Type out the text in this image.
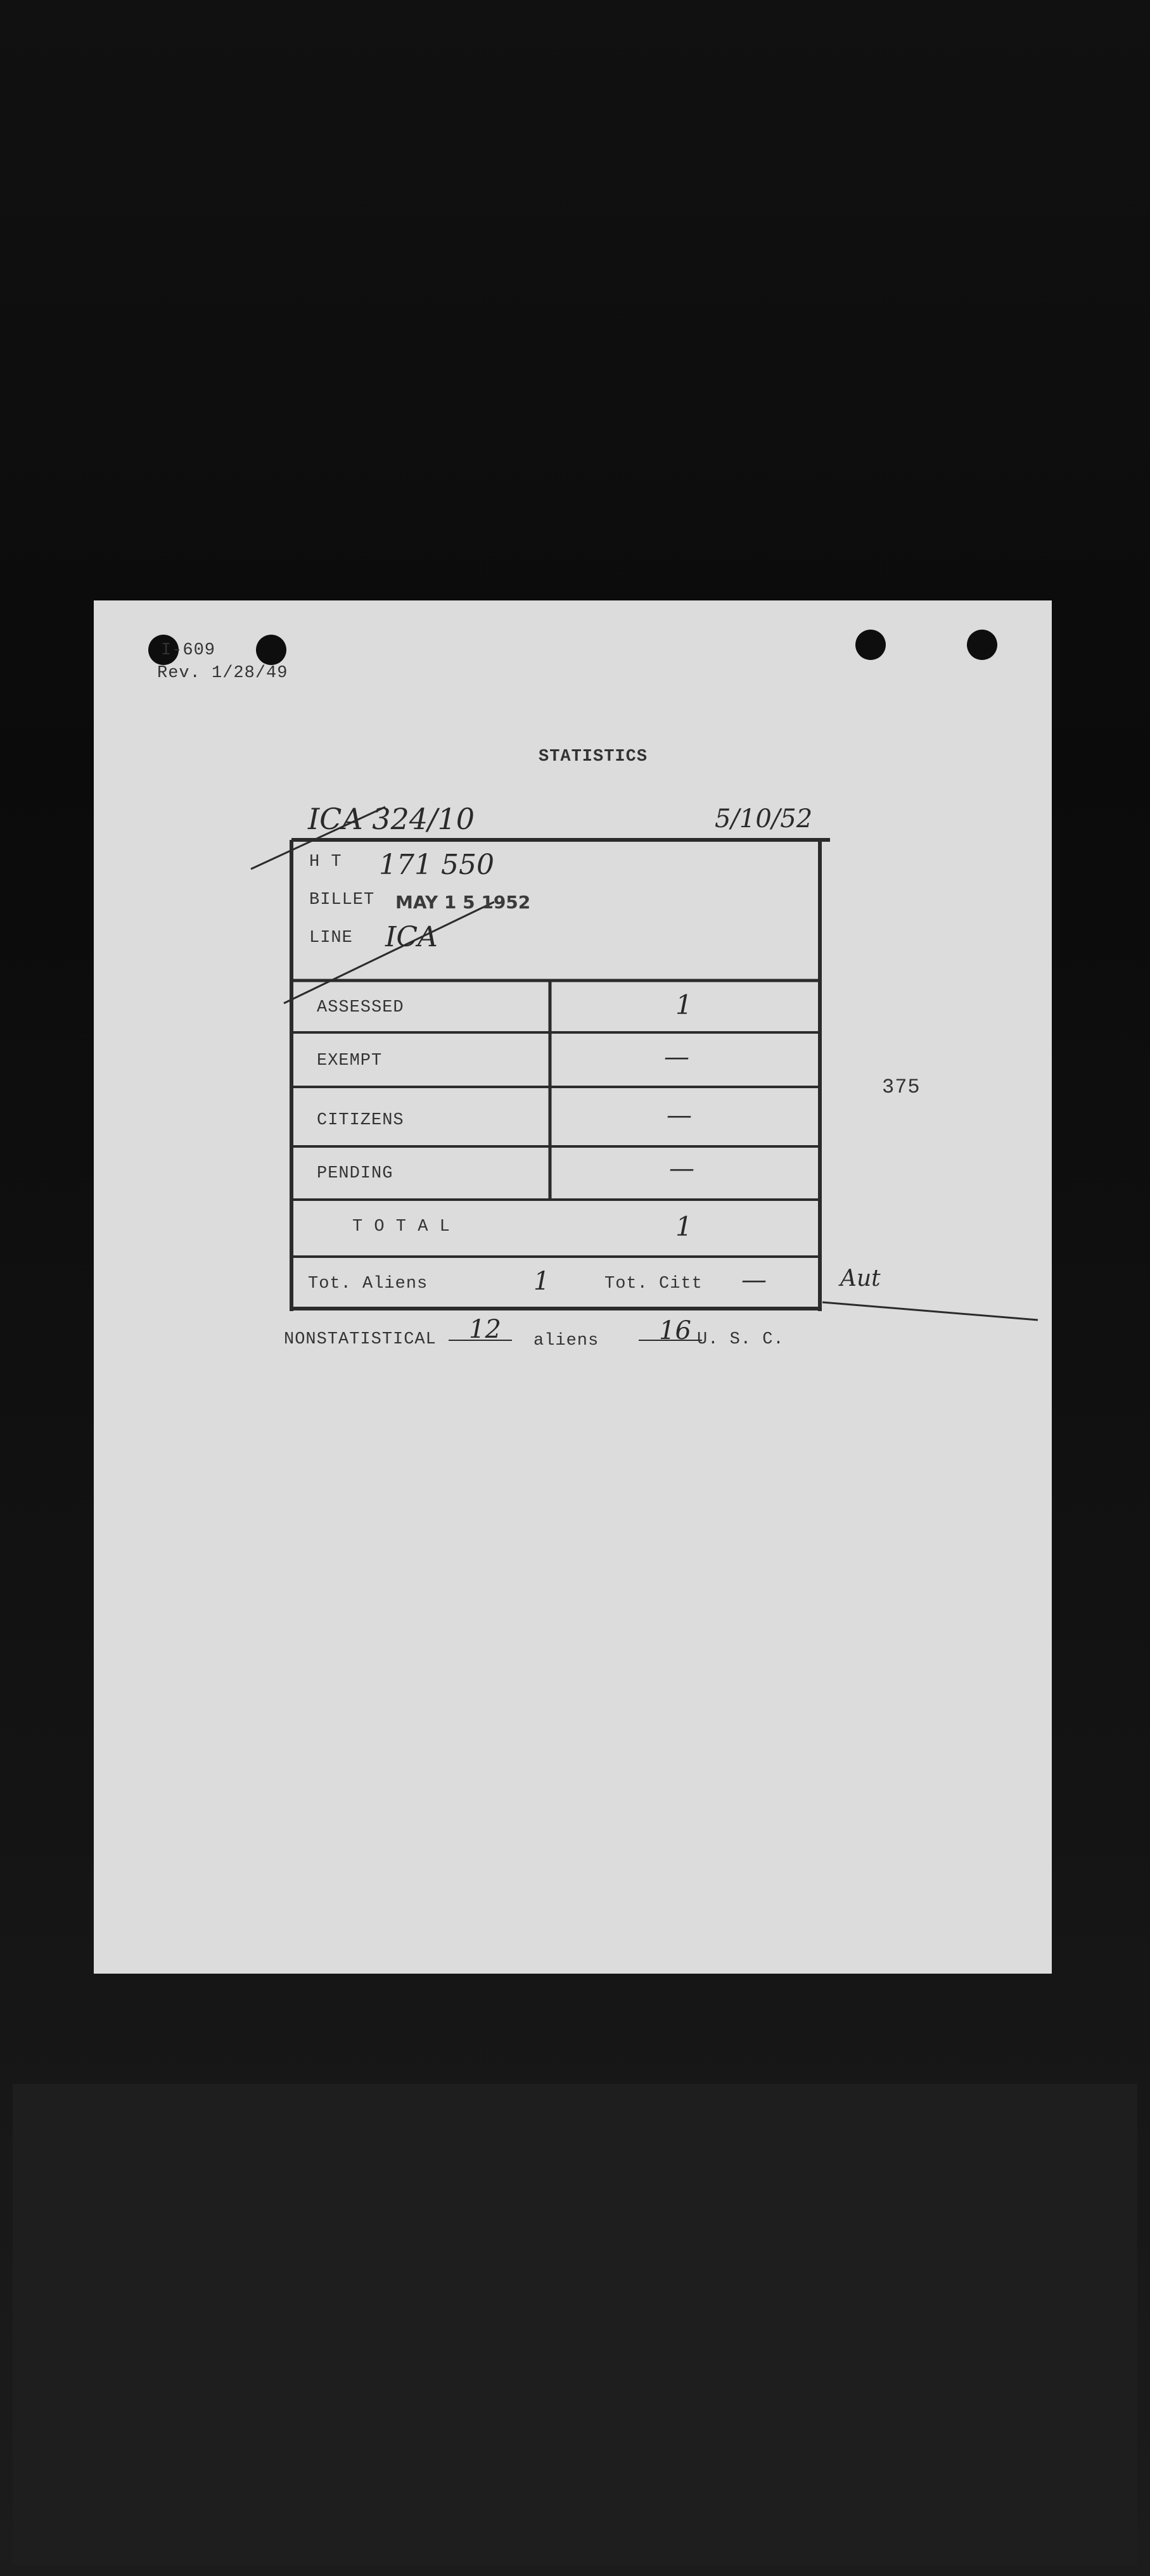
I-609
Rev. 1/28/49
STATISTICS
ICA 324/10	5/10/52
375
H T 171 550
BILLET MAY 1 5 1952
LINE ICA
ASSESSED	1
EXEMPT	—
CITIZENS	—
PENDING	—
T O T A L	1
Tot. Aliens	1	Tot. Citt —	Aut
NONSTATISTICAL 12 aliens 16 U. S. C.
